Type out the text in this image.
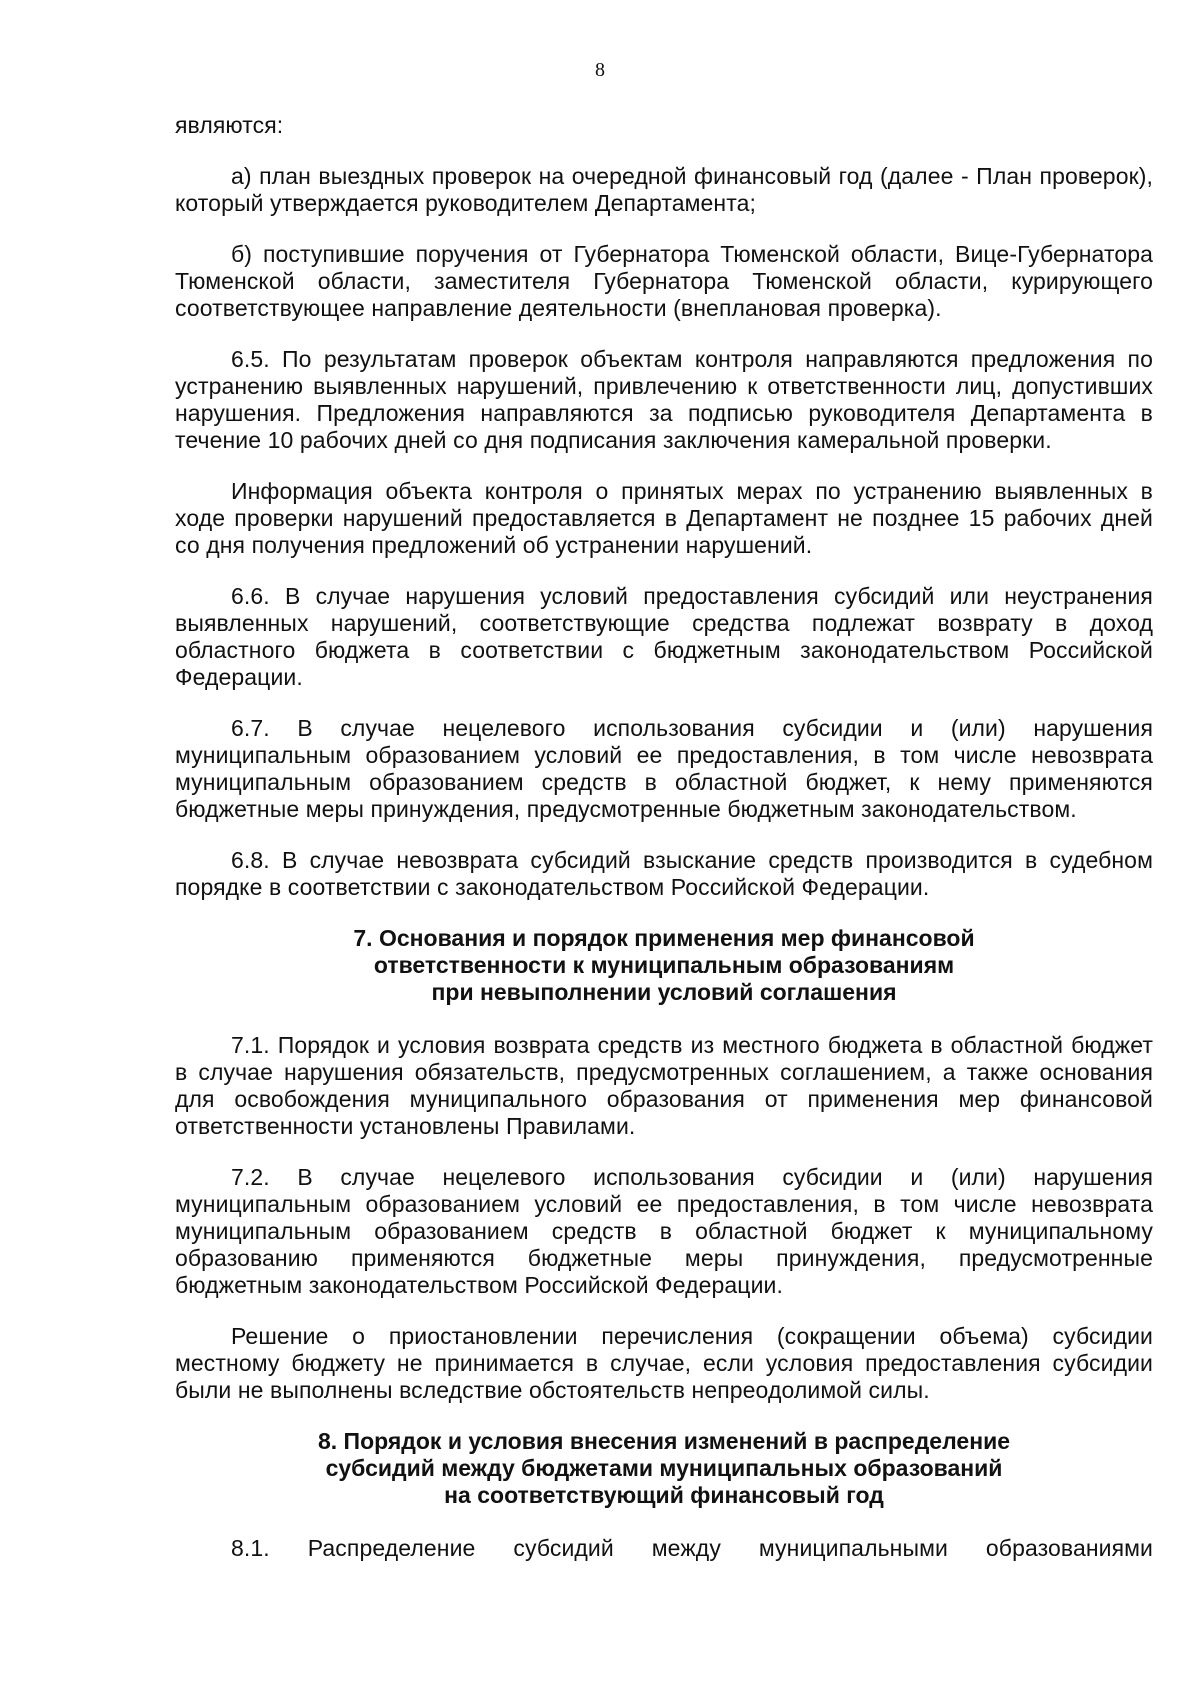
8

являются:

а) план выездных проверок на очередной финансовый год (далее - План проверок), который утверждается руководителем Департамента;

б) поступившие поручения от Губернатора Тюменской области, Вице-Губернатора Тюменской области, заместителя Губернатора Тюменской области, курирующего соответствующее направление деятельности (внеплановая проверка).

6.5. По результатам проверок объектам контроля направляются предложения по устранению выявленных нарушений, привлечению к ответственности лиц, допустивших нарушения. Предложения направляются за подписью руководителя Департамента в течение 10 рабочих дней со дня подписания заключения камеральной проверки.

Информация объекта контроля о принятых мерах по устранению выявленных в ходе проверки нарушений предоставляется в Департамент не позднее 15 рабочих дней со дня получения предложений об устранении нарушений.

6.6. В случае нарушения условий предоставления субсидий или неустранения выявленных нарушений, соответствующие средства подлежат возврату в доход областного бюджета в соответствии с бюджетным законодательством Российской Федерации.

6.7. В случае нецелевого использования субсидии и (или) нарушения муниципальным образованием условий ее предоставления, в том числе невозврата муниципальным образованием средств в областной бюджет, к нему применяются бюджетные меры принуждения, предусмотренные бюджетным законодательством.

6.8. В случае невозврата субсидий взыскание средств производится в судебном порядке в соответствии с законодательством Российской Федерации.

7. Основания и порядок применения мер финансовой
ответственности к муниципальным образованиям
при невыполнении условий соглашения

7.1. Порядок и условия возврата средств из местного бюджета в областной бюджет в случае нарушения обязательств, предусмотренных соглашением, а также основания для освобождения муниципального образования от применения мер финансовой ответственности установлены Правилами.

7.2. В случае нецелевого использования субсидии и (или) нарушения муниципальным образованием условий ее предоставления, в том числе невозврата муниципальным образованием средств в областной бюджет к муниципальному образованию применяются бюджетные меры принуждения, предусмотренные бюджетным законодательством Российской Федерации.

Решение о приостановлении перечисления (сокращении объема) субсидии местному бюджету не принимается в случае, если условия предоставления субсидии были не выполнены вследствие обстоятельств непреодолимой силы.

8. Порядок и условия внесения изменений в распределение
субсидий между бюджетами муниципальных образований
на соответствующий финансовый год

8.1. Распределение субсидий между муниципальными образованиями
